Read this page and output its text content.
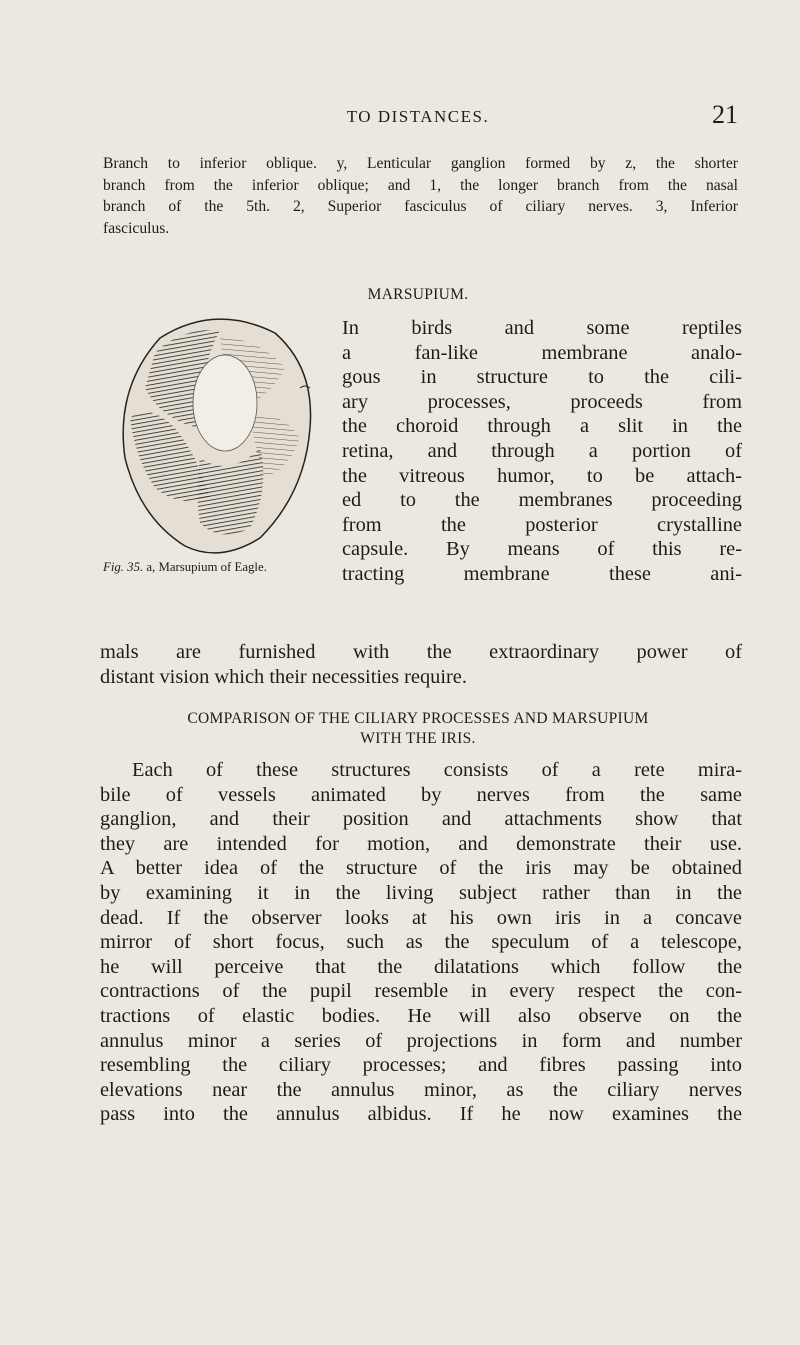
TO DISTANCES.	21
Branch to inferior oblique. y, Lenticular ganglion formed by z, the shorter
branch from the inferior oblique; and 1, the longer branch from the nasal
branch of the 5th. 2, Superior fasciculus of ciliary nerves. 3, Inferior
fasciculus.
MARSUPIUM.
Fig. 35. a, Marsupium of Eagle.
In birds and some reptiles
a fan-like membrane analo-
gous in structure to the cili-
ary processes, proceeds from
the choroid through a slit in the
retina, and through a portion of
the vitreous humor, to be attach-
ed to the membranes proceeding
from the posterior crystalline
capsule. By means of this re-
tracting membrane these ani-
mals are furnished with the extraordinary power of
distant vision which their necessities require.
COMPARISON OF THE CILIARY PROCESSES AND MARSUPIUM
WITH THE IRIS.
Each of these structures consists of a rete mira-
bile of vessels animated by nerves from the same
ganglion, and their position and attachments show that
they are intended for motion, and demonstrate their use.
A better idea of the structure of the iris may be obtained
by examining it in the living subject rather than in the
dead. If the observer looks at his own iris in a concave
mirror of short focus, such as the speculum of a telescope,
he will perceive that the dilatations which follow the
contractions of the pupil resemble in every respect the con-
tractions of elastic bodies. He will also observe on the
annulus minor a series of projections in form and number
resembling the ciliary processes; and fibres passing into
elevations near the annulus minor, as the ciliary nerves
pass into the annulus albidus. If he now examines the
